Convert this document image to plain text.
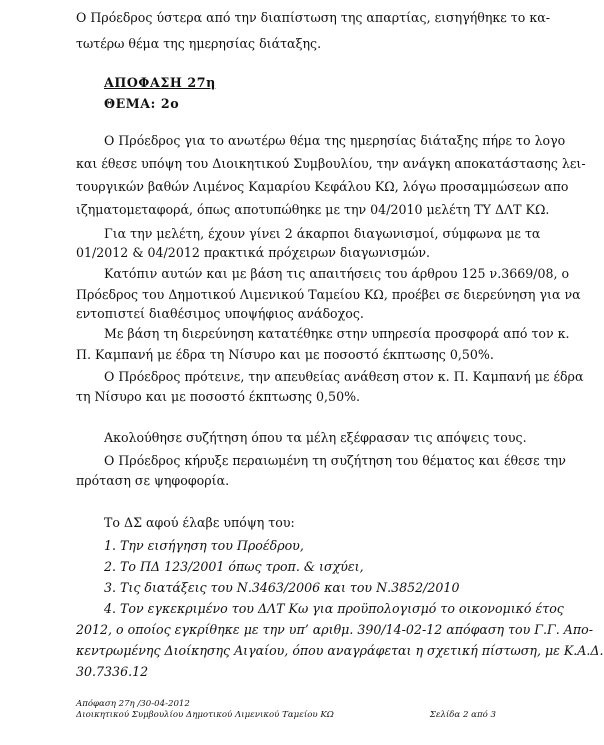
Ο Πρόεδρος ύστερα από την διαπίστωση της απαρτίας, εισηγήθηκε το κα-
τωτέρω θέμα της ημερησίας διάταξης.
ΑΠΟΦΑΣΗ 27η
ΘΕΜΑ: 2ο
Ο Πρόεδρος για το ανωτέρω θέμα της ημερησίας διάταξης πήρε το λογο
και έθεσε υπόψη του Διοικητικού Συμβουλίου, την ανάγκη αποκατάστασης λει-
τουργικών βαθών Λιμένος Καμαρίου Κεφάλου ΚΩ, λόγω προσαμμώσεων απο
ιζηματομεταφορά, όπως αποτυπώθηκε με την 04/2010 μελέτη ΤΥ ΔΛΤ ΚΩ.
Για την μελέτη, έχουν γίνει 2 άκαρποι διαγωνισμοί, σύμφωνα με τα
01/2012 & 04/2012 πρακτικά πρόχειρων διαγωνισμών.
Κατόπιν αυτών και με βάση τις απαιτήσεις του άρθρου 125 ν.3669/08, ο
Πρόεδρος του Δημοτικού Λιμενικού Ταμείου ΚΩ, προέβει σε διερεύνηση για να
εντοπιστεί διαθέσιμος υποψήφιος ανάδοχος.
Με βάση τη διερεύνηση κατατέθηκε στην υπηρεσία προσφορά από τον κ.
Π. Καμπανή με έδρα τη Νίσυρο και με ποσοστό έκπτωσης 0,50%.
Ο Πρόεδρος πρότεινε, την απευθείας ανάθεση στον κ. Π. Καμπανή με έδρα
τη Νίσυρο και με ποσοστό έκπτωσης 0,50%.
Ακολούθησε συζήτηση όπου τα μέλη εξέφρασαν τις απόψεις τους.
Ο Πρόεδρος κήρυξε περαιωμένη τη συζήτηση του θέματος και έθεσε την
πρόταση σε ψηφοφορία.
Το ΔΣ αφού έλαβε υπόψη του:
1. Την εισήγηση του Προέδρου,
2. Το ΠΔ 123/2001 όπως τροπ. & ισχύει,
3. Τις διατάξεις του Ν.3463/2006 και του Ν.3852/2010
4. Τον εγκεκριμένο του ΔΛΤ Κω για προϋπολογισμό το οικονομικό έτος
2012, ο οποίος εγκρίθηκε με την υπ’ αριθμ. 390/14-02-12 απόφαση του Γ.Γ. Απο-
κεντρωμένης Διοίκησης Αιγαίου, όπου αναγράφεται η σχετική πίστωση, με Κ.Α.Δ.
30.7336.12
Απόφαση 27η /30-04-2012
Διοικητικού Συμβουλίου Δημοτικού Λιμενικού Ταμείου ΚΩ	Σελίδα 2 από 3
